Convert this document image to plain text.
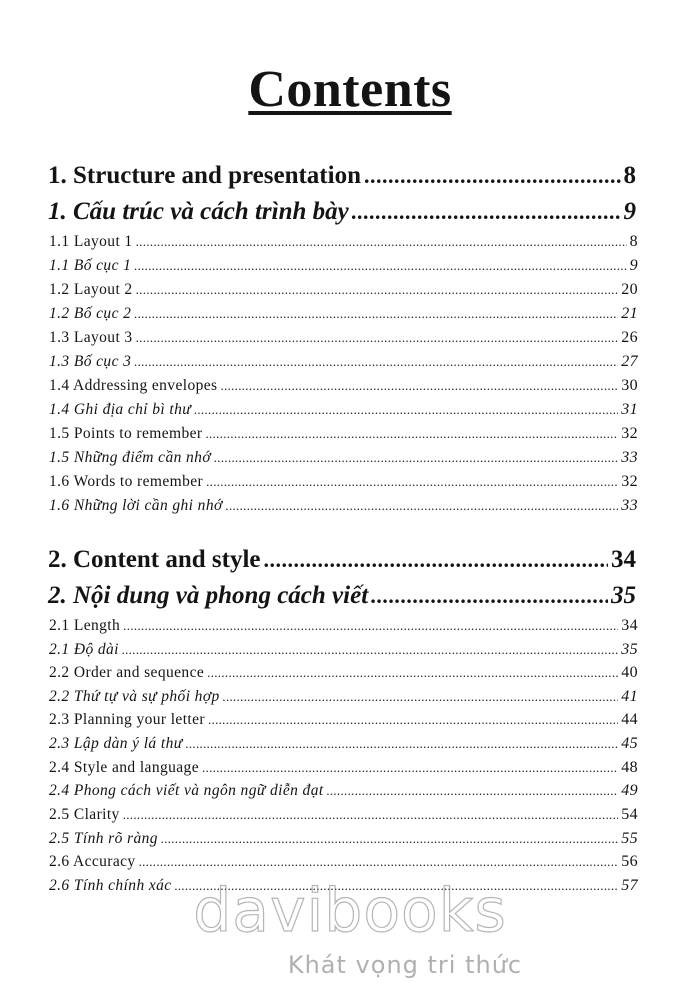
Contents
1. Structure and presentation .....	8
1. Cấu trúc và cách trình bày .....	9
1.1 Layout 1 .....	8
1.1 Bố cục 1 .....	9
1.2 Layout 2 .....	20
1.2 Bố cục 2 .....	21
1.3 Layout 3 .....	26
1.3 Bố cục 3 .....	27
1.4 Addressing envelopes .....	30
1.4 Ghi địa chỉ bì thư .....	31
1.5 Points to remember .....	32
1.5 Những điểm cần nhớ .....	33
1.6 Words to remember .....	32
1.6 Những lời cần ghi nhớ .....	33
2. Content and style .....	34
2. Nội dung và phong cách viết .....	35
2.1 Length .....	34
2.1 Độ dài .....	35
2.2 Order and sequence .....	40
2.2 Thứ tự và sự phối hợp .....	41
2.3 Planning your letter .....	44
2.3 Lập dàn ý lá thư .....	45
2.4 Style and language .....	48
2.4 Phong cách viết và ngôn ngữ diễn đạt .....	49
2.5 Clarity .....	54
2.5 Tính rõ ràng .....	55
2.6 Accuracy .....	56
2.6 Tính chính xác .....	57
davibooks
Khát vọng tri thức
